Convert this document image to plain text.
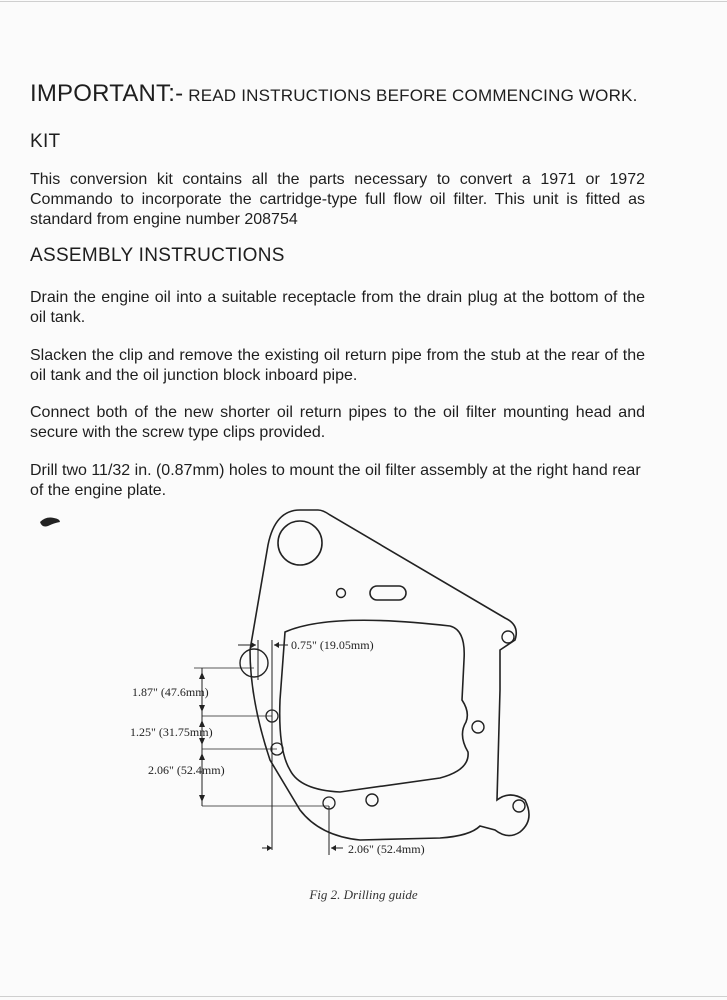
IMPORTANT:- READ INSTRUCTIONS BEFORE COMMENCING WORK.
KIT
This conversion kit contains all the parts necessary to convert a 1971 or 1972 Commando to incorporate the cartridge-type full flow oil filter. This unit is fitted as standard from engine number 208754
ASSEMBLY INSTRUCTIONS
Drain the engine oil into a suitable receptacle from the drain plug at the bottom of the oil tank.
Slacken the clip and remove the existing oil return pipe from the stub at the rear of the oil tank and the oil junction block inboard pipe.
Connect both of the new shorter oil return pipes to the oil filter mounting head and secure with the screw type clips provided.
Drill two 11/32 in. (0.87mm) holes to mount the oil filter assembly at the right hand rear of the engine plate.
0.75" (19.05mm)
1.87" (47.6mm)
1.25" (31.75mm)
2.06" (52.4mm)
2.06" (52.4mm)
Fig 2. Drilling guide
